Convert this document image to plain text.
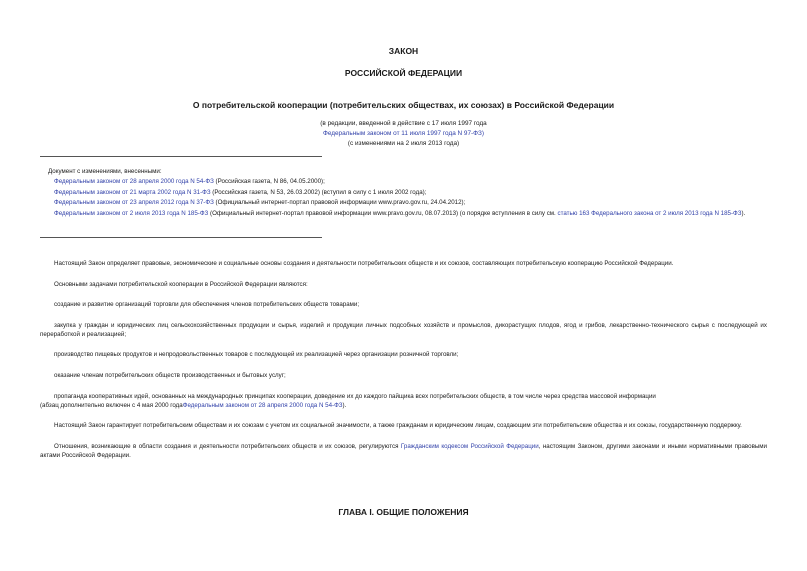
ЗАКОН
РОССИЙСКОЙ ФЕДЕРАЦИИ
О потребительской кооперации (потребительских обществах, их союзах) в Российской Федерации
(в редакции, введенной в действие с 17 июля 1997 года
Федеральным законом от 11 июля 1997 года N 97-ФЗ)
(с изменениями на 2 июля 2013 года)
Документ с изменениями, внесенными:
Федеральным законом от 28 апреля 2000 года N 54-ФЗ (Российская газета, N 86, 04.05.2000);
Федеральным законом от 21 марта 2002 года N 31-ФЗ (Российская газета, N 53, 26.03.2002) (вступил в силу с 1 июля 2002 года);
Федеральным законом от 23 апреля 2012 года N 37-ФЗ (Официальный интернет-портал правовой информации www.pravo.gov.ru, 24.04.2012);
Федеральным законом от 2 июля 2013 года N 185-ФЗ (Официальный интернет-портал правовой информации www.pravo.gov.ru, 08.07.2013) (о порядке вступления в силу см. статью 163 Федерального закона от 2 июля 2013 года N 185-ФЗ).

Настоящий Закон определяет правовые, экономические и социальные основы создания и деятельности потребительских обществ и их союзов, составляющих потребительскую кооперацию Российской Федерации.

Основными задачами потребительской кооперации в Российской Федерации являются:

создание и развитие организаций торговли для обеспечения членов потребительских обществ товарами;

закупка у граждан и юридических лиц сельскохозяйственных продукции и сырья, изделий и продукции личных подсобных хозяйств и промыслов, дикорастущих плодов, ягод и грибов, лекарственно-технического сырья с последующей их переработкой и реализацией;

производство пищевых продуктов и непродовольственных товаров с последующей их реализацией через организации розничной торговли;

оказание членам потребительских обществ производственных и бытовых услуг;

пропаганда кооперативных идей, основанных на международных принципах кооперации, доведение их до каждого пайщика всех потребительских обществ, в том числе через средства массовой информации
(абзац дополнительно включен с 4 мая 2000 годаФедеральным законом от 28 апреля 2000 года N 54-ФЗ).

Настоящий Закон гарантирует потребительским обществам и их союзам с учетом их социальной значимости, а также гражданам и юридическим лицам, создающим эти потребительские общества и их союзы, государственную поддержку.

Отношения, возникающие в области создания и деятельности потребительских обществ и их союзов, регулируются Гражданским кодексом Российской Федерации, настоящим Законом, другими законами и иными нормативными правовыми актами Российской Федерации.

ГЛАВА I. ОБЩИЕ ПОЛОЖЕНИЯ
